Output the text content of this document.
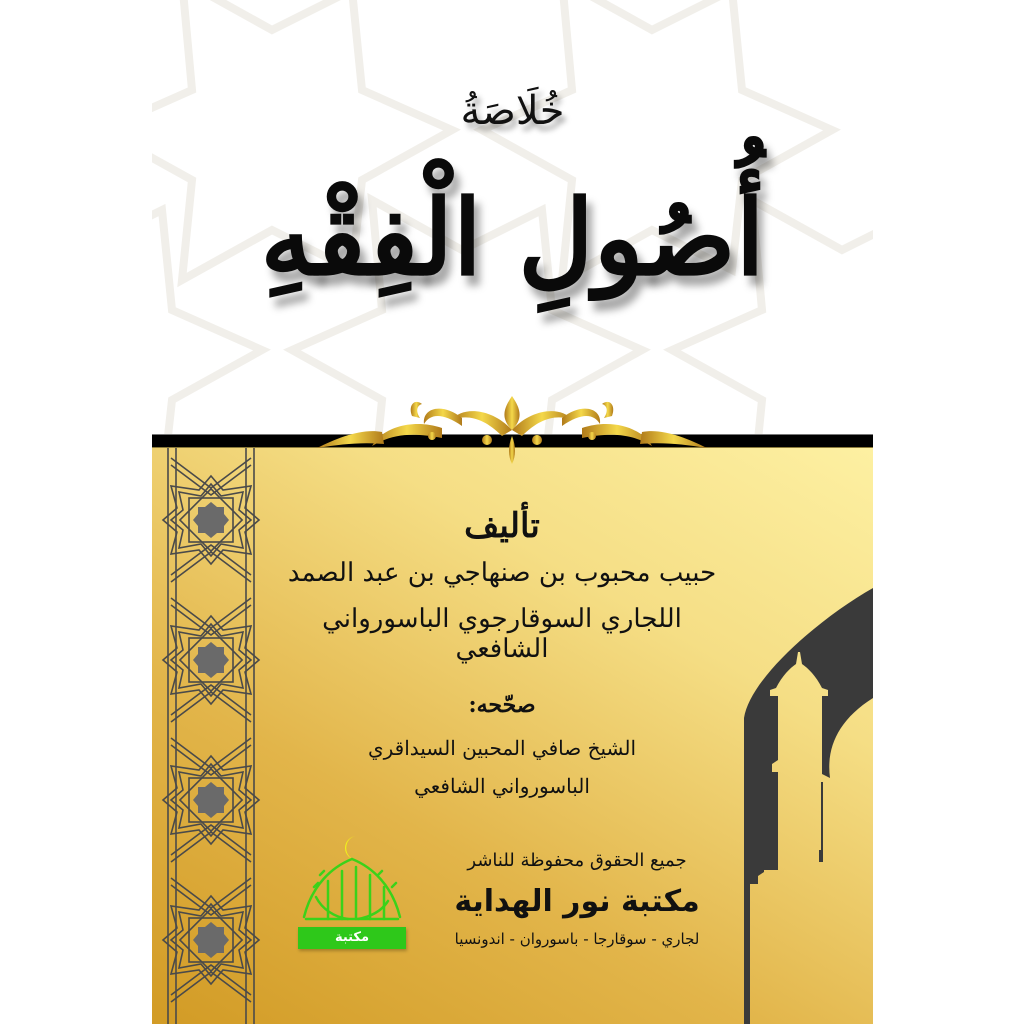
خُلَاصَةُ
أُصُولِ الْفِقْهِ
تأليف
حبيب محبوب بن صنهاجي بن عبد الصمد
اللجاري السوقارجوي الباسورواني الشافعي
صحّحه:
الشيخ صافي المحبين السيداقري
الباسورواني الشافعي
مكتبة
جميع الحقوق محفوظة للناشر
مكتبة نور الهداية
لجاري - سوقارجا - باسوروان - اندونسيا
